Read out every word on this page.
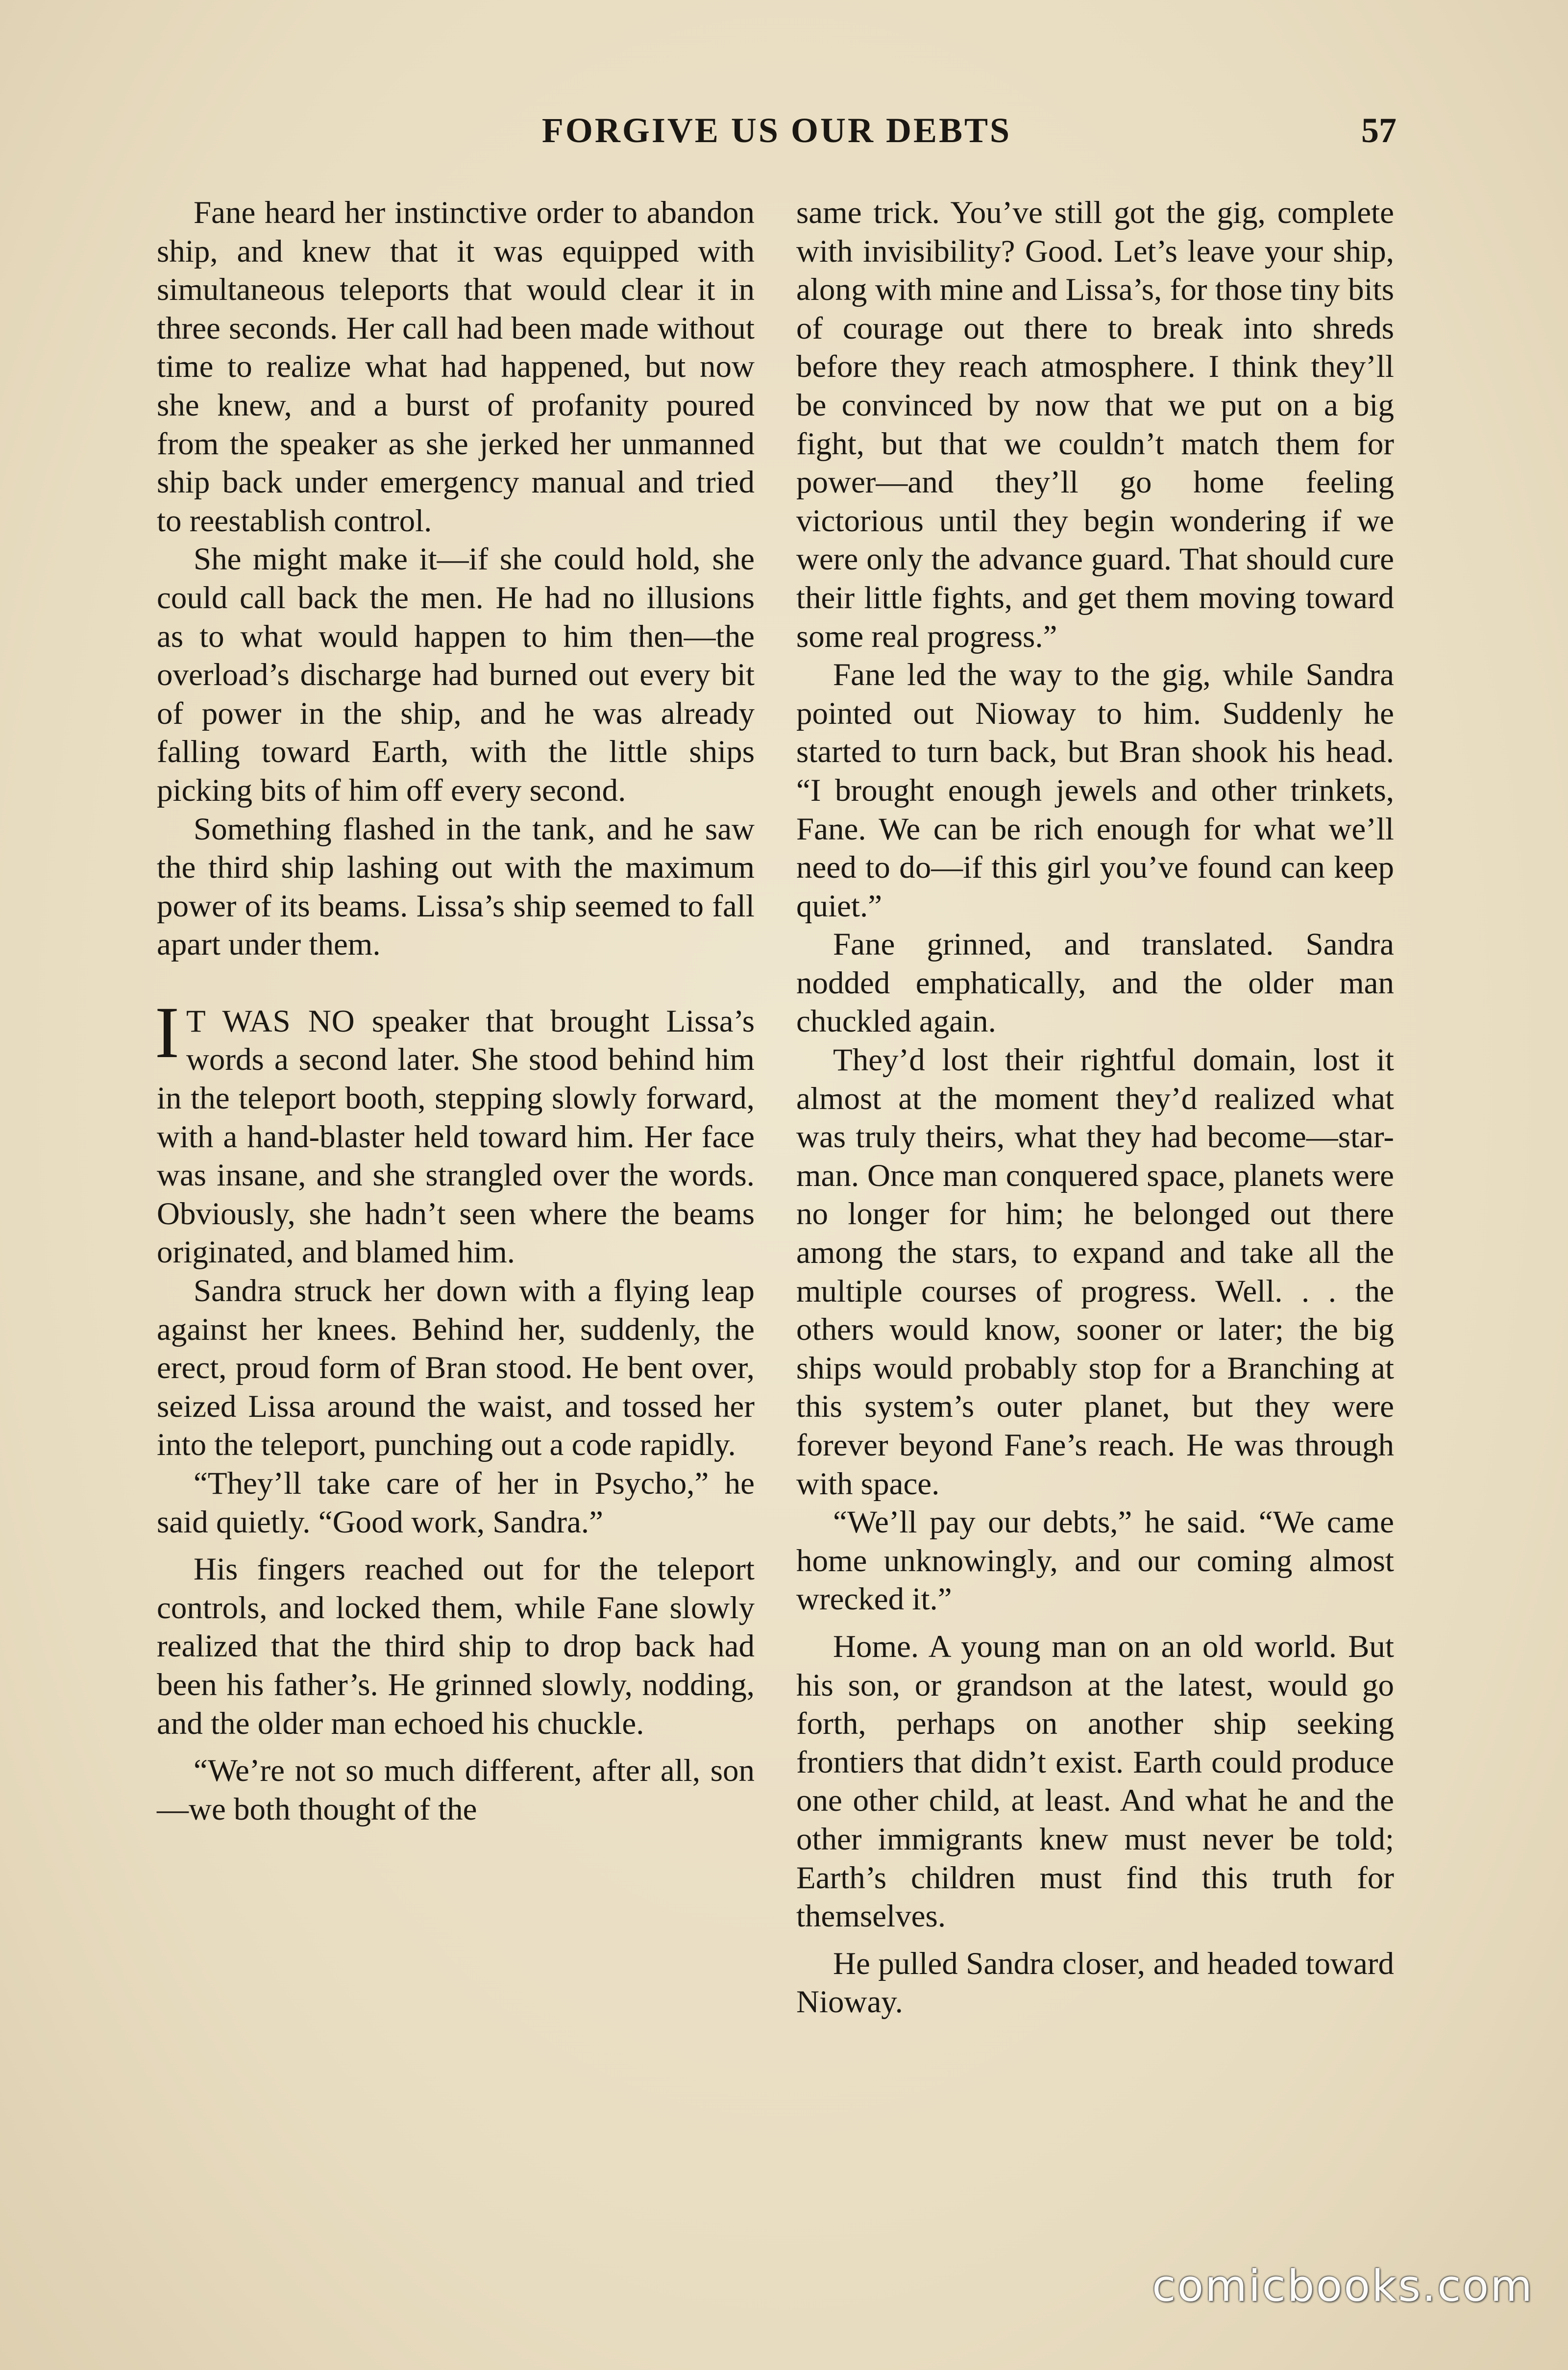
FORGIVE US OUR DEBTS	57

Fane heard her instinctive order to abandon ship, and knew that it was equipped with simultaneous teleports that would clear it in three seconds. Her call had been made without time to realize what had happened, but now she knew, and a burst of profanity poured from the speaker as she jerked her unmanned ship back under emergency manual and tried to reestablish control.

She might make it—if she could hold, she could call back the men. He had no illusions as to what would happen to him then—the overload’s discharge had burned out every bit of power in the ship, and he was already falling toward Earth, with the little ships picking bits of him off every second.

Something flashed in the tank, and he saw the third ship lashing out with the maximum power of its beams. Lissa’s ship seemed to fall apart under them.

I T WAS NO speaker that brought Lissa’s words a second later. She stood behind him in the teleport booth, stepping slowly forward, with a hand-blaster held toward him. Her face was insane, and she strangled over the words. Obviously, she hadn’t seen where the beams originated, and blamed him.

Sandra struck her down with a flying leap against her knees. Behind her, suddenly, the erect, proud form of Bran stood. He bent over, seized Lissa around the waist, and tossed her into the teleport, punching out a code rapidly.

“They’ll take care of her in Psycho,” he said quietly. “Good work, Sandra.”

His fingers reached out for the teleport controls, and locked them, while Fane slowly realized that the third ship to drop back had been his father’s. He grinned slowly, nodding, and the older man echoed his chuckle.

“We’re not so much different, after all, son—we both thought of the

same trick. You’ve still got the gig, complete with invisibility? Good. Let’s leave your ship, along with mine and Lissa’s, for those tiny bits of courage out there to break into shreds before they reach atmosphere. I think they’ll be convinced by now that we put on a big fight, but that we couldn’t match them for power—and they’ll go home feeling victorious until they begin wondering if we were only the advance guard. That should cure their little fights, and get them moving toward some real progress.”

Fane led the way to the gig, while Sandra pointed out Nioway to him. Suddenly he started to turn back, but Bran shook his head. “I brought enough jewels and other trinkets, Fane. We can be rich enough for what we’ll need to do—if this girl you’ve found can keep quiet.”

Fane grinned, and translated. Sandra nodded emphatically, and the older man chuckled again.

They’d lost their rightful domain, lost it almost at the moment they’d realized what was truly theirs, what they had become—star-man. Once man conquered space, planets were no longer for him; he belonged out there among the stars, to expand and take all the multiple courses of progress. Well. . . the others would know, sooner or later; the big ships would probably stop for a Branching at this system’s outer planet, but they were forever beyond Fane’s reach. He was through with space.

“We’ll pay our debts,” he said. “We came home unknowingly, and our coming almost wrecked it.”

Home. A young man on an old world. But his son, or grandson at the latest, would go forth, perhaps on another ship seeking frontiers that didn’t exist. Earth could produce one other child, at least. And what he and the other immigrants knew must never be told; Earth’s children must find this truth for themselves.

He pulled Sandra closer, and headed toward Nioway.

comicbooks.com
